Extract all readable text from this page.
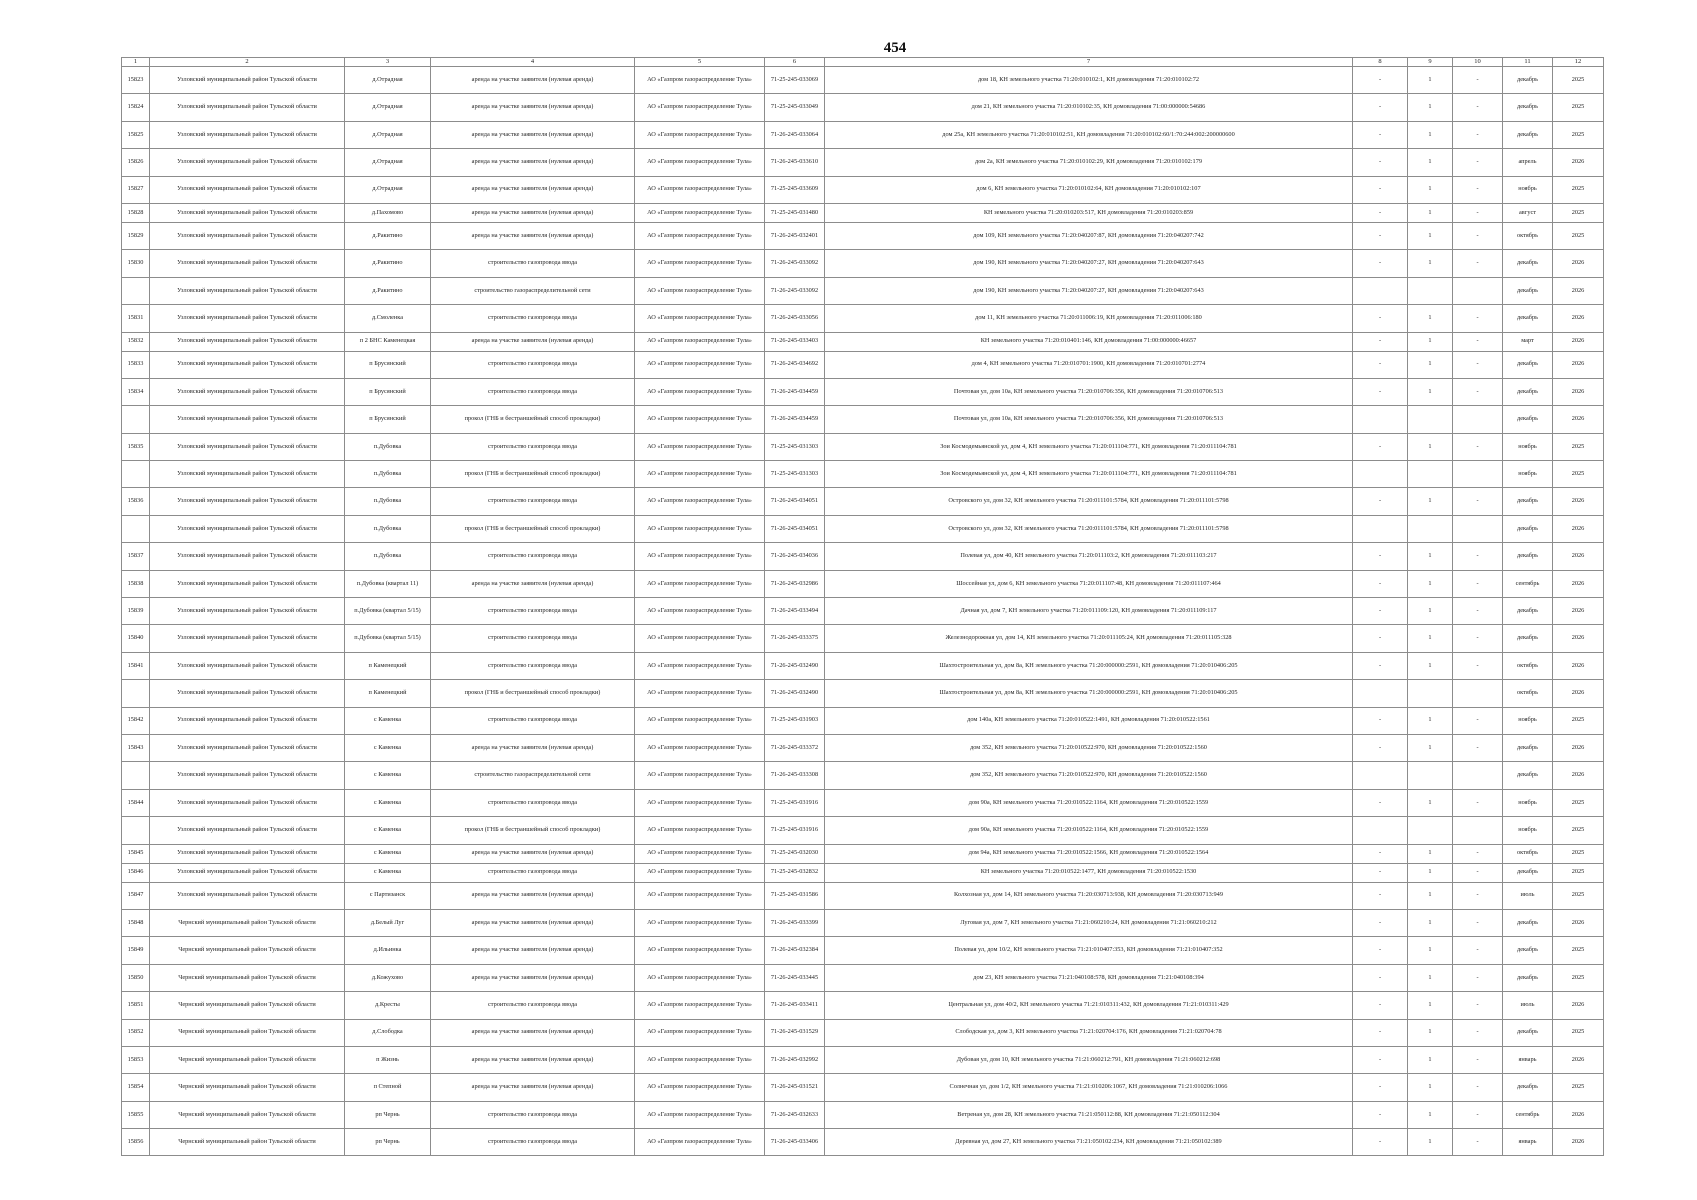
454
1	2	3	4	5	6	7	8	9	10	11	12
15823	Узловский муниципальный район Тульской области	д.Отрадная	аренда на участке заявителя (нулевая аренда)	АО «Газпром газораспределение Тула»	71-25-245-033069	дом 18, КН земельного участка 71:20:010102:1, КН домовладения 71:20:010102:72	-	1	-	декабрь	2025
15824	Узловский муниципальный район Тульской области	д.Отрадная	аренда на участке заявителя (нулевая аренда)	АО «Газпром газораспределение Тула»	71-25-245-033049	дом 21, КН земельного участка 71:20:010102:35, КН домовладения 71:00:000000:54686	-	1	-	декабрь	2025
15825	Узловский муниципальный район Тульской области	д.Отрадная	аренда на участке заявителя (нулевая аренда)	АО «Газпром газораспределение Тула»	71-26-245-033064	дом 25а, КН земельного участка 71:20:010102:51, КН домовладения 71:20:010102:60/1:70:244:002:200000600	-	1	-	декабрь	2025
15826	Узловский муниципальный район Тульской области	д.Отрадная	аренда на участке заявителя (нулевая аренда)	АО «Газпром газораспределение Тула»	71-26-245-033610	дом 2а, КН земельного участка 71:20:010102:29, КН домовладения 71:20:010102:179	-	1	-	апрель	2026
15827	Узловский муниципальный район Тульской области	д.Отрадная	аренда на участке заявителя (нулевая аренда)	АО «Газпром газораспределение Тула»	71-25-245-033609	дом 6, КН земельного участка 71:20:010102:64, КН домовладения 71:20:010102:107	-	1	-	ноябрь	2025
15828	Узловский муниципальный район Тульской области	д.Пахомово	аренда на участке заявителя (нулевая аренда)	АО «Газпром газораспределение Тула»	71-25-245-031480	КН земельного участка 71:20:010203:517, КН домовладения 71:20:010203:859	-	1	-	август	2025
15829	Узловский муниципальный район Тульской области	д.Ракитино	аренда на участке заявителя (нулевая аренда)	АО «Газпром газораспределение Тула»	71-26-245-032401	дом 109, КН земельного участка 71:20:040207:87, КН домовладения 71:20:040207:742	-	1	-	октябрь	2025
15830	Узловский муниципальный район Тульской области	д.Ракитино	строительство газопровода ввода	АО «Газпром газораспределение Тула»	71-26-245-033092	дом 190, КН земельного участка 71:20:040207:27, КН домовладения 71:20:040207:643	-	1	-	декабрь	2026
	Узловский муниципальный район Тульской области	д.Ракитино	строительство газораспределительной сети	АО «Газпром газораспределение Тула»	71-26-245-033092	дом 190, КН земельного участка 71:20:040207:27, КН домовладения 71:20:040207:643				декабрь	2026
15831	Узловский муниципальный район Тульской области	д.Смоленка	строительство газопровода ввода	АО «Газпром газораспределение Тула»	71-26-245-033056	дом 11, КН земельного участка 71:20:011006:19, КН домовладения 71:20:011006:180	-	1	-	декабрь	2026
15832	Узловский муниципальный район Тульской области	п 2 БНС Каменецкая	аренда на участке заявителя (нулевая аренда)	АО «Газпром газораспределение Тула»	71-26-245-033403	КН земельного участка 71:20:010401:146, КН домовладения 71:00:000000:46657	-	1	-	март	2026
15833	Узловский муниципальный район Тульской области	п Брусянский	строительство газопровода ввода	АО «Газпром газораспределение Тула»	71-26-245-034692	дом 4, КН земельного участка 71:20:010701:1900, КН домовладения 71:20:010701:2774	-	1	-	декабрь	2026
15834	Узловский муниципальный район Тульской области	п Брусянский	строительство газопровода ввода	АО «Газпром газораспределение Тула»	71-26-245-034459	Почтовая ул, дом 10а, КН земельного участка 71:20:010706:356, КН домовладения 71:20:010706:513	-	1	-	декабрь	2026
	Узловский муниципальный район Тульской области	п Брусянский	прокол (ГНБ и бестраншейный способ прокладки)	АО «Газпром газораспределение Тула»	71-26-245-034459	Почтовая ул, дом 10а, КН земельного участка 71:20:010706:356, КН домовладения 71:20:010706:513				декабрь	2026
15835	Узловский муниципальный район Тульской области	п.Дубовка	строительство газопровода ввода	АО «Газпром газораспределение Тула»	71-25-245-031303	Зои Космодемьянской ул, дом 4, КН земельного участка 71:20:011104:771, КН домовладения 71:20:011104:781	-	1	-	ноябрь	2025
	Узловский муниципальный район Тульской области	п.Дубовка	прокол (ГНБ и бестраншейный способ прокладки)	АО «Газпром газораспределение Тула»	71-25-245-031303	Зои Космодемьянской ул, дом 4, КН земельного участка 71:20:011104:771, КН домовладения 71:20:011104:781				ноябрь	2025
15836	Узловский муниципальный район Тульской области	п.Дубовка	строительство газопровода ввода	АО «Газпром газораспределение Тула»	71-26-245-034051	Островского ул, дом 32, КН земельного участка 71:20:011101:5784, КН домовладения 71:20:011101:5798	-	1	-	декабрь	2026
	Узловский муниципальный район Тульской области	п.Дубовка	прокол (ГНБ и бестраншейный способ прокладки)	АО «Газпром газораспределение Тула»	71-26-245-034051	Островского ул, дом 32, КН земельного участка 71:20:011101:5784, КН домовладения 71:20:011101:5798				декабрь	2026
15837	Узловский муниципальный район Тульской области	п.Дубовка	строительство газопровода ввода	АО «Газпром газораспределение Тула»	71-26-245-034036	Полевая ул, дом 40, КН земельного участка 71:20:011103:2, КН домовладения 71:20:011103:217	-	1	-	декабрь	2026
15838	Узловский муниципальный район Тульской области	п.Дубовка (квартал 11)	аренда на участке заявителя (нулевая аренда)	АО «Газпром газораспределение Тула»	71-26-245-032986	Шоссейная ул, дом 6, КН земельного участка 71:20:011107:48, КН домовладения 71:20:011107:464	-	1	-	сентябрь	2026
15839	Узловский муниципальный район Тульской области	п.Дубовка (квартал 5/15)	строительство газопровода ввода	АО «Газпром газораспределение Тула»	71-26-245-033494	Дачная ул, дом 7, КН земельного участка 71:20:011109:120, КН домовладения 71:20:011109:117	-	1	-	декабрь	2026
15840	Узловский муниципальный район Тульской области	п.Дубовка (квартал 5/15)	строительство газопровода ввода	АО «Газпром газораспределение Тула»	71-26-245-033375	Железнодорожная ул, дом 14, КН земельного участка 71:20:011105:24, КН домовладения 71:20:011105:328	-	1	-	декабрь	2026
15841	Узловский муниципальный район Тульской области	п Каменецкий	строительство газопровода ввода	АО «Газпром газораспределение Тула»	71-26-245-032490	Шахтостроительная ул, дом 8а, КН земельного участка 71:20:000000:2591, КН домовладения 71:20:010406:205	-	1	-	октябрь	2026
	Узловский муниципальный район Тульской области	п Каменецкий	прокол (ГНБ и бестраншейный способ прокладки)	АО «Газпром газораспределение Тула»	71-26-245-032490	Шахтостроительная ул, дом 8а, КН земельного участка 71:20:000000:2591, КН домовладения 71:20:010406:205				октябрь	2026
15842	Узловский муниципальный район Тульской области	с Каменка	строительство газопровода ввода	АО «Газпром газораспределение Тула»	71-25-245-031903	дом 140а, КН земельного участка 71:20:010522:1491, КН домовладения 71:20:010522:1561	-	1	-	ноябрь	2025
15843	Узловский муниципальный район Тульской области	с Каменка	аренда на участке заявителя (нулевая аренда)	АО «Газпром газораспределение Тула»	71-26-245-033372	дом 352, КН земельного участка 71:20:010522:970, КН домовладения 71:20:010522:1560	-	1	-	декабрь	2026
	Узловский муниципальный район Тульской области	с Каменка	строительство газораспределительной сети	АО «Газпром газораспределение Тула»	71-26-245-033308	дом 352, КН земельного участка 71:20:010522:970, КН домовладения 71:20:010522:1560				декабрь	2026
15844	Узловский муниципальный район Тульской области	с Каменка	строительство газопровода ввода	АО «Газпром газораспределение Тула»	71-25-245-031916	дом 90а, КН земельного участка 71:20:010522:1164, КН домовладения 71:20:010522:1559	-	1	-	ноябрь	2025
	Узловский муниципальный район Тульской области	с Каменка	прокол (ГНБ и бестраншейный способ прокладки)	АО «Газпром газораспределение Тула»	71-25-245-031916	дом 90а, КН земельного участка 71:20:010522:1164, КН домовладения 71:20:010522:1559				ноябрь	2025
15845	Узловский муниципальный район Тульской области	с Каменка	аренда на участке заявителя (нулевая аренда)	АО «Газпром газораспределение Тула»	71-25-245-032030	дом 94а, КН земельного участка 71:20:010522:1566, КН домовладения 71:20:010522:1564	-	1	-	октябрь	2025
15846	Узловский муниципальный район Тульской области	с Каменка	строительство газопровода ввода	АО «Газпром газораспределение Тула»	71-25-245-032832	КН земельного участка 71:20:010522:1477, КН домовладения 71:20:010522:1530	-	1	-	декабрь	2025
15847	Узловский муниципальный район Тульской области	с Партизанск	аренда на участке заявителя (нулевая аренда)	АО «Газпром газораспределение Тула»	71-25-245-031586	Колхозная ул, дом 14, КН земельного участка 71:20:030713:938, КН домовладения 71:20:030713:949	-	1	-	июль	2025
15848	Чернский муниципальный район Тульской области	д.Белый Луг	аренда на участке заявителя (нулевая аренда)	АО «Газпром газораспределение Тула»	71-26-245-033399	Луговая ул, дом 7, КН земельного участка 71:21:060210:24, КН домовладения 71:21:060210:212	-	1	-	декабрь	2026
15849	Чернский муниципальный район Тульской области	д.Ильинка	аренда на участке заявителя (нулевая аренда)	АО «Газпром газораспределение Тула»	71-26-245-032384	Полевая ул, дом 10/2, КН земельного участка 71:21:010407:353, КН домовладения 71:21:010407:352	-	1	-	декабрь	2025
15850	Чернский муниципальный район Тульской области	д.Кожухово	аренда на участке заявителя (нулевая аренда)	АО «Газпром газораспределение Тула»	71-26-245-033445	дом 23, КН земельного участка 71:21:040108:578, КН домовладения 71:21:040108:394	-	1	-	декабрь	2025
15851	Чернский муниципальный район Тульской области	д.Кресты	строительство газопровода ввода	АО «Газпром газораспределение Тула»	71-26-245-033411	Центральная ул, дом 40/2, КН земельного участка 71:21:010311:432, КН домовладения 71:21:010311:429	-	1	-	июль	2026
15852	Чернский муниципальный район Тульской области	д.Слободка	аренда на участке заявителя (нулевая аренда)	АО «Газпром газораспределение Тула»	71-26-245-031529	Слободская ул, дом 3, КН земельного участка 71:21:020704:176, КН домовладения 71:21:020704:78	-	1	-	декабрь	2025
15853	Чернский муниципальный район Тульской области	п Жизнь	аренда на участке заявителя (нулевая аренда)	АО «Газпром газораспределение Тула»	71-26-245-032992	Дубовая ул, дом 10, КН земельного участка 71:21:060212:791, КН домовладения 71:21:060212:698	-	1	-	январь	2026
15854	Чернский муниципальный район Тульской области	п Степной	аренда на участке заявителя (нулевая аренда)	АО «Газпром газораспределение Тула»	71-26-245-031521	Солнечная ул, дом 1/2, КН земельного участка 71:21:010206:1067, КН домовладения 71:21:010206:1066	-	1	-	декабрь	2025
15855	Чернский муниципальный район Тульской области	рп Чернь	строительство газопровода ввода	АО «Газпром газораспределение Тула»	71-26-245-032633	Ветреная ул, дом 28, КН земельного участка 71:21:050112:88, КН домовладения 71:21:050112:304	-	1	-	сентябрь	2026
15856	Чернский муниципальный район Тульской области	рп Чернь	строительство газопровода ввода	АО «Газпром газораспределение Тула»	71-26-245-033406	Деревная ул, дом 27, КН земельного участка 71:21:050102:234, КН домовладения 71:21:050102:389	-	1	-	январь	2026
